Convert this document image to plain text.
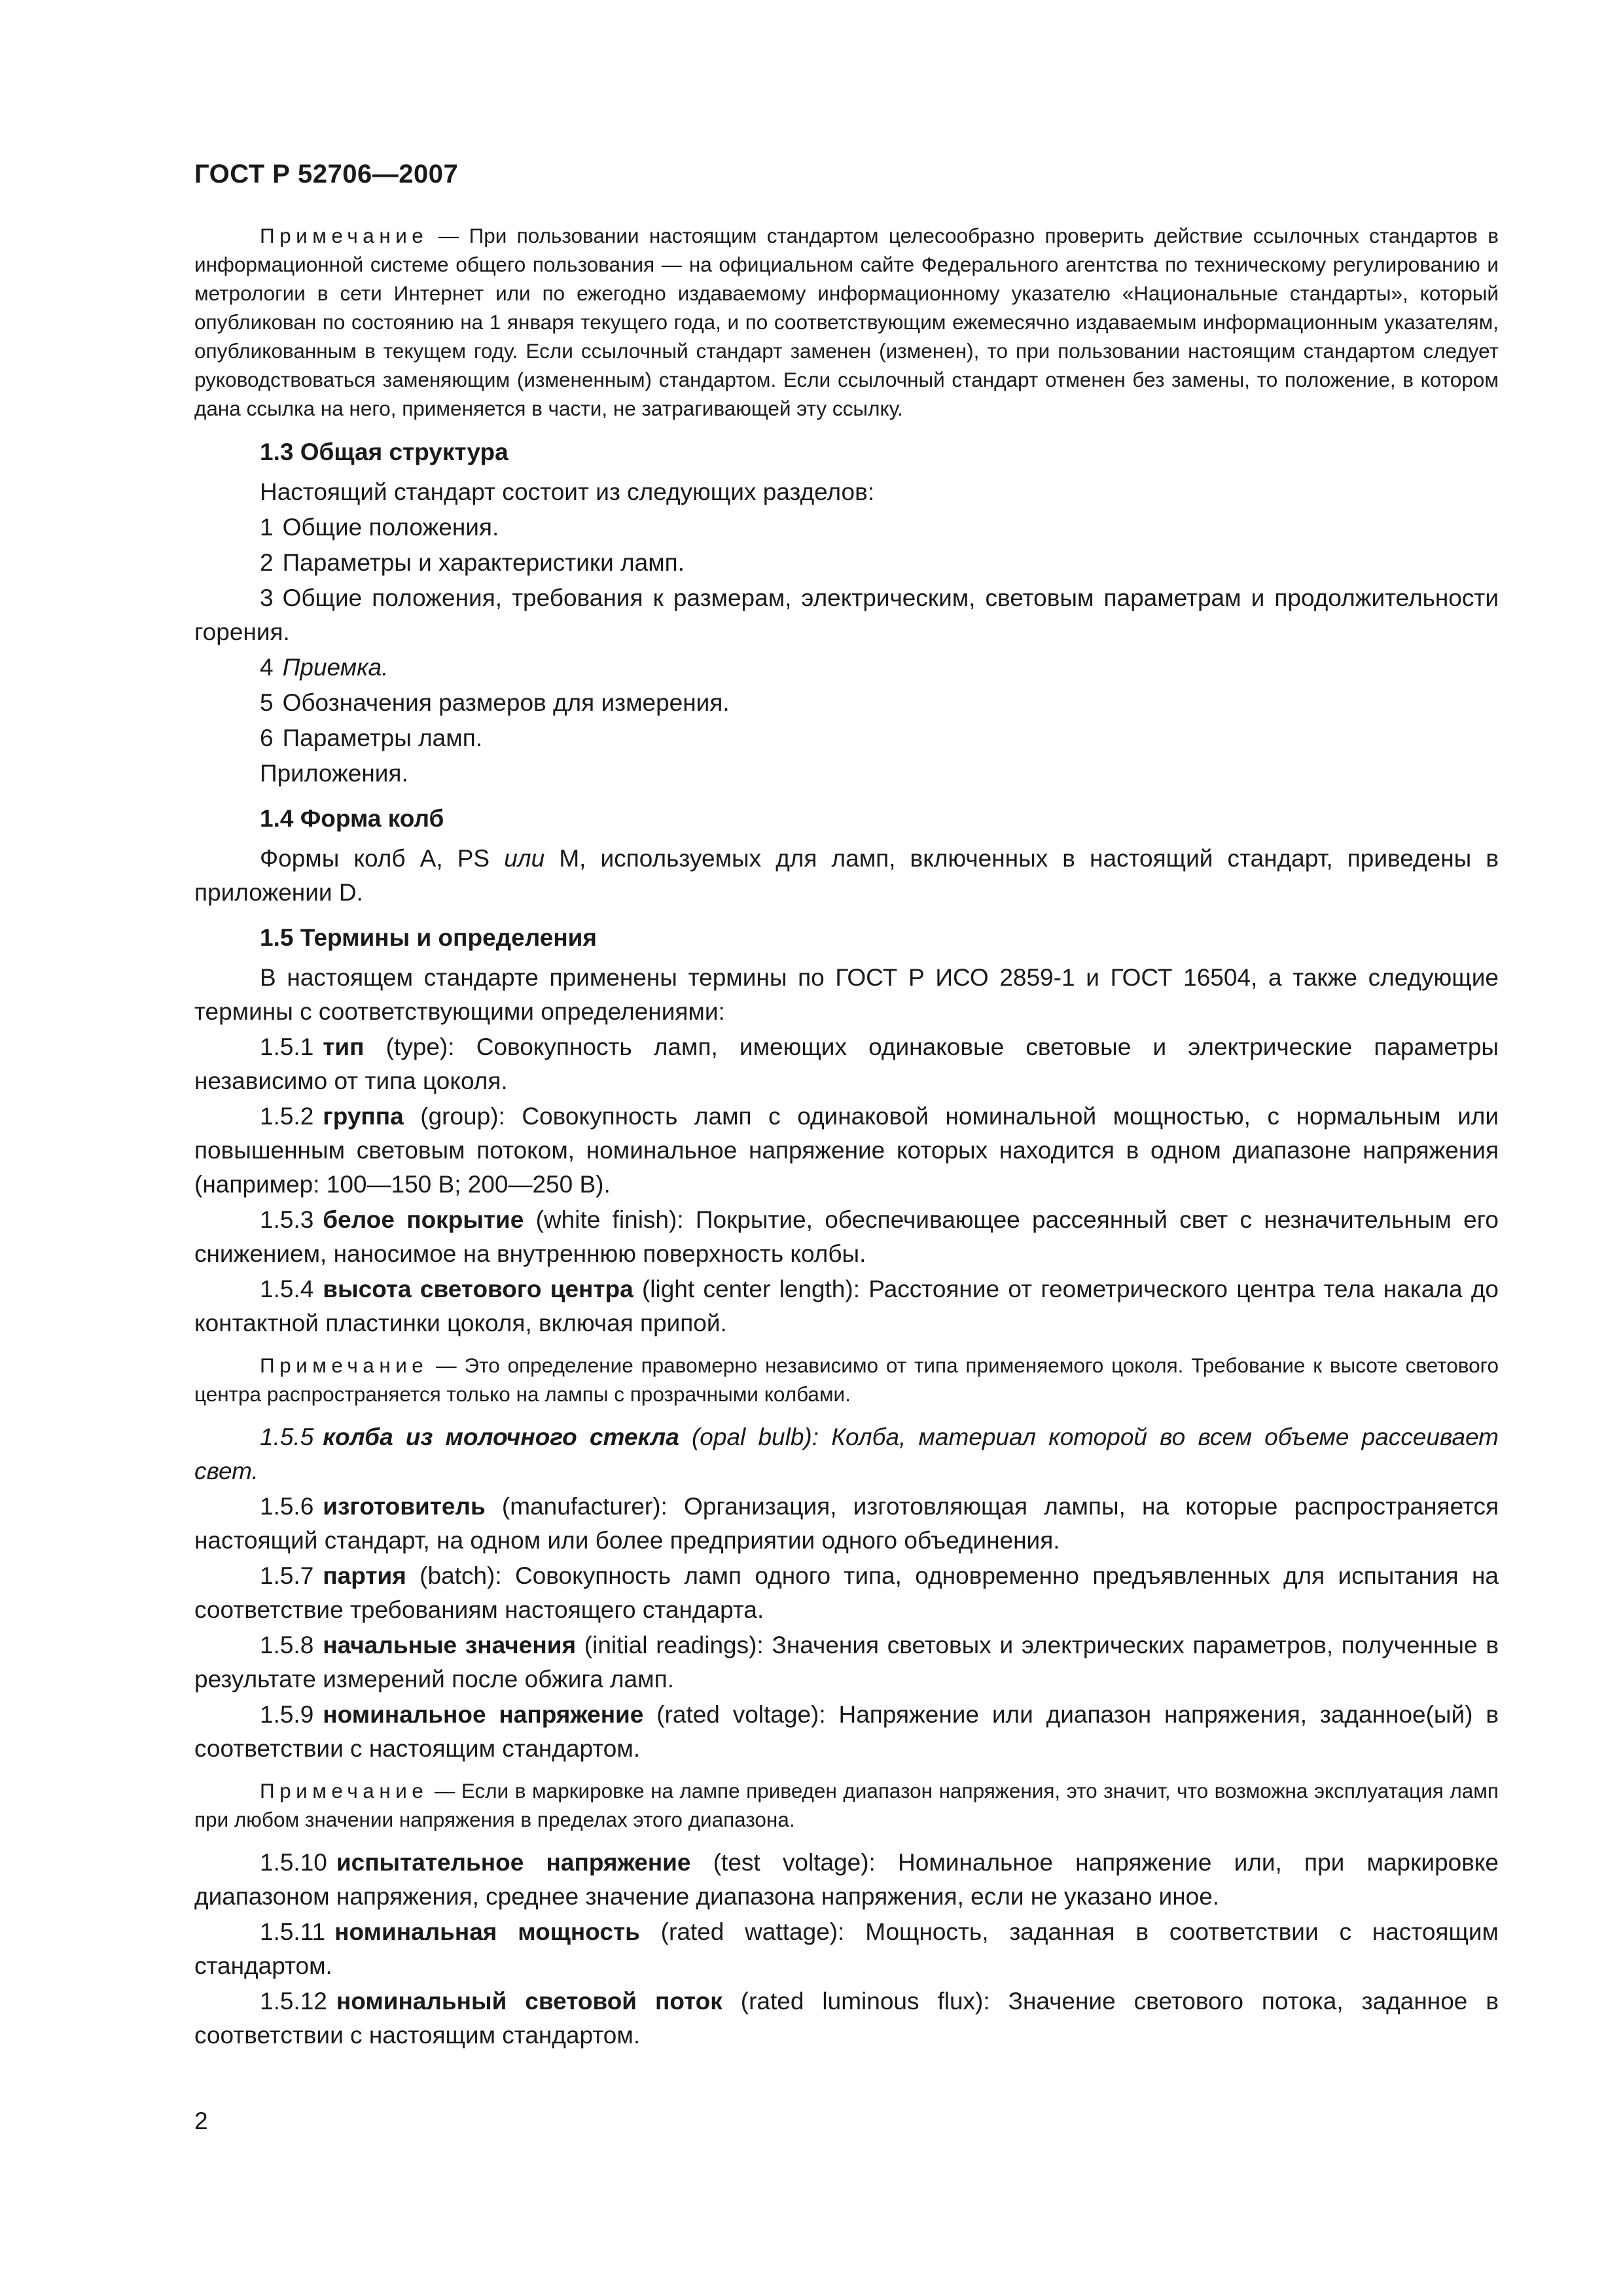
ГОСТ Р 52706—2007

Примечание — При пользовании настоящим стандартом целесообразно проверить действие ссылочных стандартов в информационной системе общего пользования — на официальном сайте Федерального агентства по техническому регулированию и метрологии в сети Интернет или по ежегодно издаваемому информационному указателю «Национальные стандарты», который опубликован по состоянию на 1 января текущего года, и по соответствующим ежемесячно издаваемым информационным указателям, опубликованным в текущем году. Если ссылочный стандарт заменен (изменен), то при пользовании настоящим стандартом следует руководствоваться заменяющим (измененным) стандартом. Если ссылочный стандарт отменен без замены, то положение, в котором дана ссылка на него, применяется в части, не затрагивающей эту ссылку.

1.3 Общая структура

Настоящий стандарт состоит из следующих разделов:

1 Общие положения.

2 Параметры и характеристики ламп.

3 Общие положения, требования к размерам, электрическим, световым параметрам и продолжительности горения.

4 Приемка.

5 Обозначения размеров для измерения.

6 Параметры ламп.

Приложения.

1.4 Форма колб

Формы колб А, PS или M, используемых для ламп, включенных в настоящий стандарт, приведены в приложении D.

1.5 Термины и определения

В настоящем стандарте применены термины по ГОСТ Р ИСО 2859-1 и ГОСТ 16504, а также следующие термины с соответствующими определениями:

1.5.1 тип (type): Совокупность ламп, имеющих одинаковые световые и электрические параметры независимо от типа цоколя.

1.5.2 группа (group): Совокупность ламп с одинаковой номинальной мощностью, с нормальным или повышенным световым потоком, номинальное напряжение которых находится в одном диапазоне напряжения (например: 100—150 В; 200—250 В).

1.5.3 белое покрытие (white finish): Покрытие, обеспечивающее рассеянный свет с незначительным его снижением, наносимое на внутреннюю поверхность колбы.

1.5.4 высота светового центра (light center length): Расстояние от геометрического центра тела накала до контактной пластинки цоколя, включая припой.

Примечание — Это определение правомерно независимо от типа применяемого цоколя. Требование к высоте светового центра распространяется только на лампы с прозрачными колбами.

1.5.5 колба из молочного стекла (opal bulb): Колба, материал которой во всем объеме рассеивает свет.

1.5.6 изготовитель (manufacturer): Организация, изготовляющая лампы, на которые распространяется настоящий стандарт, на одном или более предприятии одного объединения.

1.5.7 партия (batch): Совокупность ламп одного типа, одновременно предъявленных для испытания на соответствие требованиям настоящего стандарта.

1.5.8 начальные значения (initial readings): Значения световых и электрических параметров, полученные в результате измерений после обжига ламп.

1.5.9 номинальное напряжение (rated voltage): Напряжение или диапазон напряжения, заданное(ый) в соответствии с настоящим стандартом.

Примечание — Если в маркировке на лампе приведен диапазон напряжения, это значит, что возможна эксплуатация ламп при любом значении напряжения в пределах этого диапазона.

1.5.10 испытательное напряжение (test voltage): Номинальное напряжение или, при маркировке диапазоном напряжения, среднее значение диапазона напряжения, если не указано иное.

1.5.11 номинальная мощность (rated wattage): Мощность, заданная в соответствии с настоящим стандартом.

1.5.12 номинальный световой поток (rated luminous flux): Значение светового потока, заданное в соответствии с настоящим стандартом.

2
